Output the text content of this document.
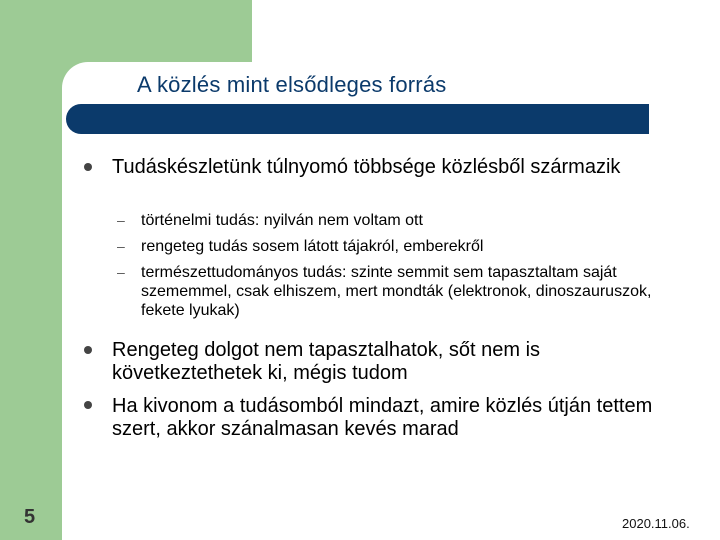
A közlés mint elsődleges forrás
Tudáskészletünk túlnyomó többsége közlésből származik
– történelmi tudás: nyilván nem voltam ott
– rengeteg tudás sosem látott tájakról, emberekről
– természettudományos tudás: szinte semmit sem tapasztaltam saját szememmel, csak elhiszem, mert mondták (elektronok, dinoszauruszok, fekete lyukak)
Rengeteg dolgot nem tapasztalhatok, sőt nem is következtethetek ki, mégis tudom
Ha kivonom a tudásomból mindazt, amire közlés útján tettem szert, akkor szánalmasan kevés marad
5	2020.11.06.
